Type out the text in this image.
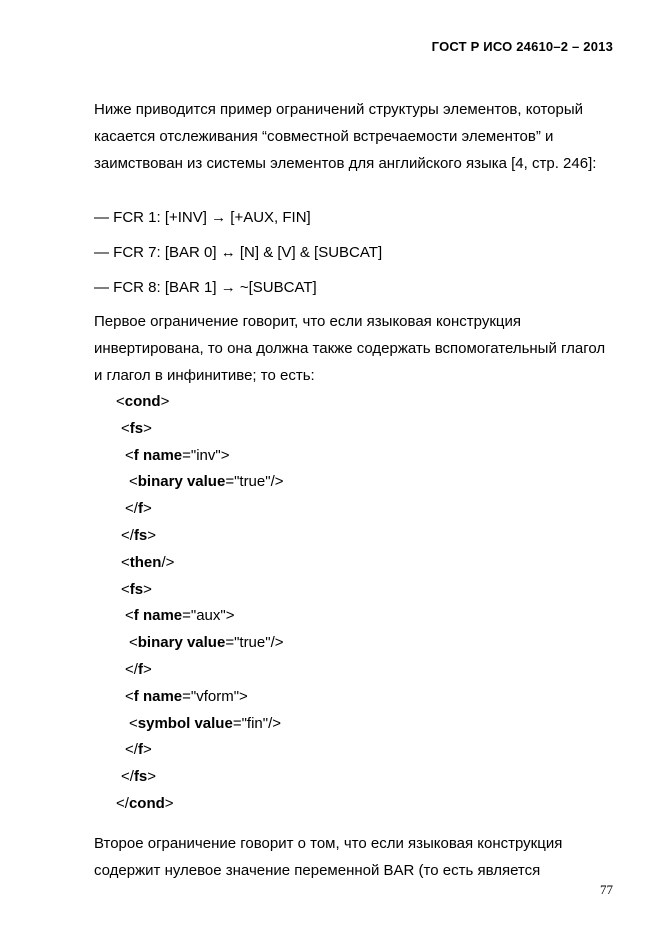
ГОСТ Р ИСО 24610–2 – 2013
Ниже приводится пример ограничений структуры элементов, который касается отслеживания “совместной встречаемости элементов” и заимствован из системы элементов для английского языка [4, стр. 246]:
— FCR 1: [+INV] → [+AUX, FIN]
— FCR 7: [BAR 0] ↔ [N] & [V] & [SUBCAT]
— FCR 8: [BAR 1] → ~[SUBCAT]
Первое ограничение говорит, что если языковая конструкция инвертирована, то она должна также содержать вспомогательный глагол и глагол в инфинитиве; то есть:
<cond>
<fs>
<f name="inv">
<binary value="true"/>
</f>
</fs>
<then/>
<fs>
<f name="aux">
<binary value="true"/>
</f>
<f name="vform">
<symbol value="fin"/>
</f>
</fs>
</cond>
Второе ограничение говорит о том, что если языковая конструкция содержит нулевое значение переменной BAR (то есть является
77
